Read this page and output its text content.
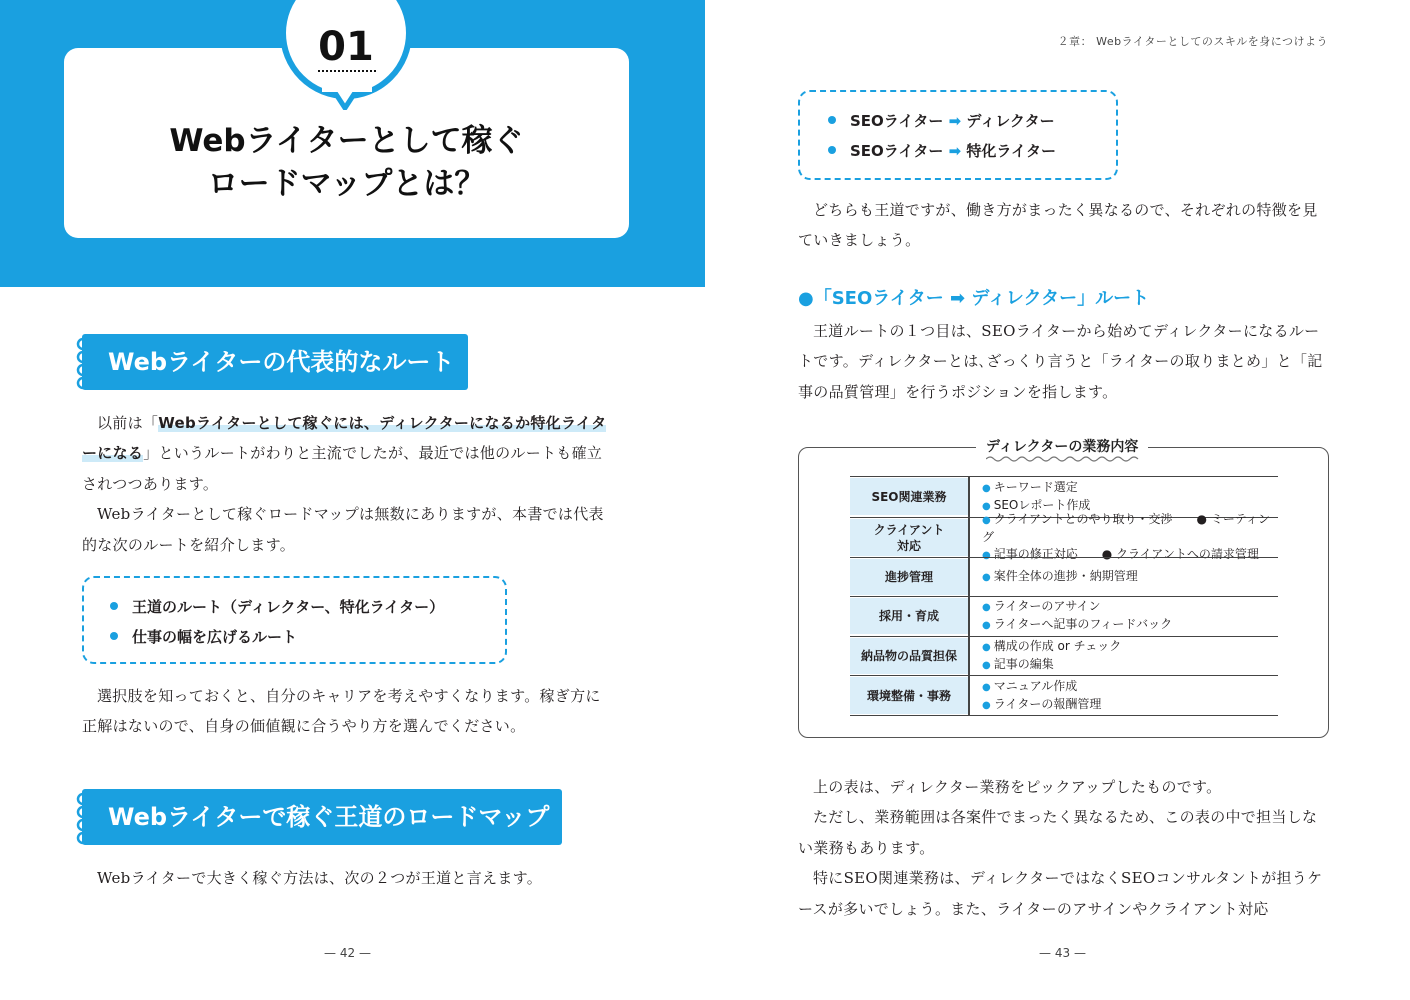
01
Webライターとして稼ぐ
ロードマップとは？
Webライターの代表的なルート

以前は「Webライターとして稼ぐには、ディレクターになるか特化ライターになる」というルートがわりと主流でしたが、最近では他のルートも確立されつつあります。

Webライターとして稼ぐロードマップは無数にありますが、本書では代表的な次のルートを紹介します。

王道のルート（ディレクター、特化ライター）
仕事の幅を広げるルート

選択肢を知っておくと、自分のキャリアを考えやすくなります。稼ぎ方に正解はないので、自身の価値観に合うやり方を選んでください。

Webライターで稼ぐ王道のロードマップ

Webライターで大きく稼ぐ方法は、次の２つが王道と言えます。

— 42 —
２章： Webライターとしてのスキルを身につけよう
SEOライター ➡ ディレクター
SEOライター ➡ 特化ライター

どちらも王道ですが、働き方がまったく異なるので、それぞれの特徴を見ていきましょう。

●「SEOライター ➡ ディレクター」ルート

王道ルートの１つ目は、SEOライターから始めてディレクターになるルートです。ディレクターとは､ざっくり言うと「ライターの取りまとめ」と「記事の品質管理」を行うポジションを指します。

ディレクターの業務内容
SEO関連業務
● キーワード選定
● SEOレポート作成
クライアント
対応
● クライアントとのやり取り・交渉　　● ミーティング
● 記事の修正対応　　● クライアントへの請求管理
進捗管理	● 案件全体の進捗・納期管理
採用・育成
● ライターのアサイン
● ライターへ記事のフィードバック
納品物の品質担保
● 構成の作成 or チェック
● 記事の編集
環境整備・事務
● マニュアル作成
● ライターの報酬管理

上の表は、ディレクター業務をピックアップしたものです。

ただし、業務範囲は各案件でまったく異なるため、この表の中で担当しない業務もあります。

特にSEO関連業務は、ディレクターではなくSEOコンサルタントが担うケースが多いでしょう。また、ライターのアサインやクライアント対応

— 43 —
